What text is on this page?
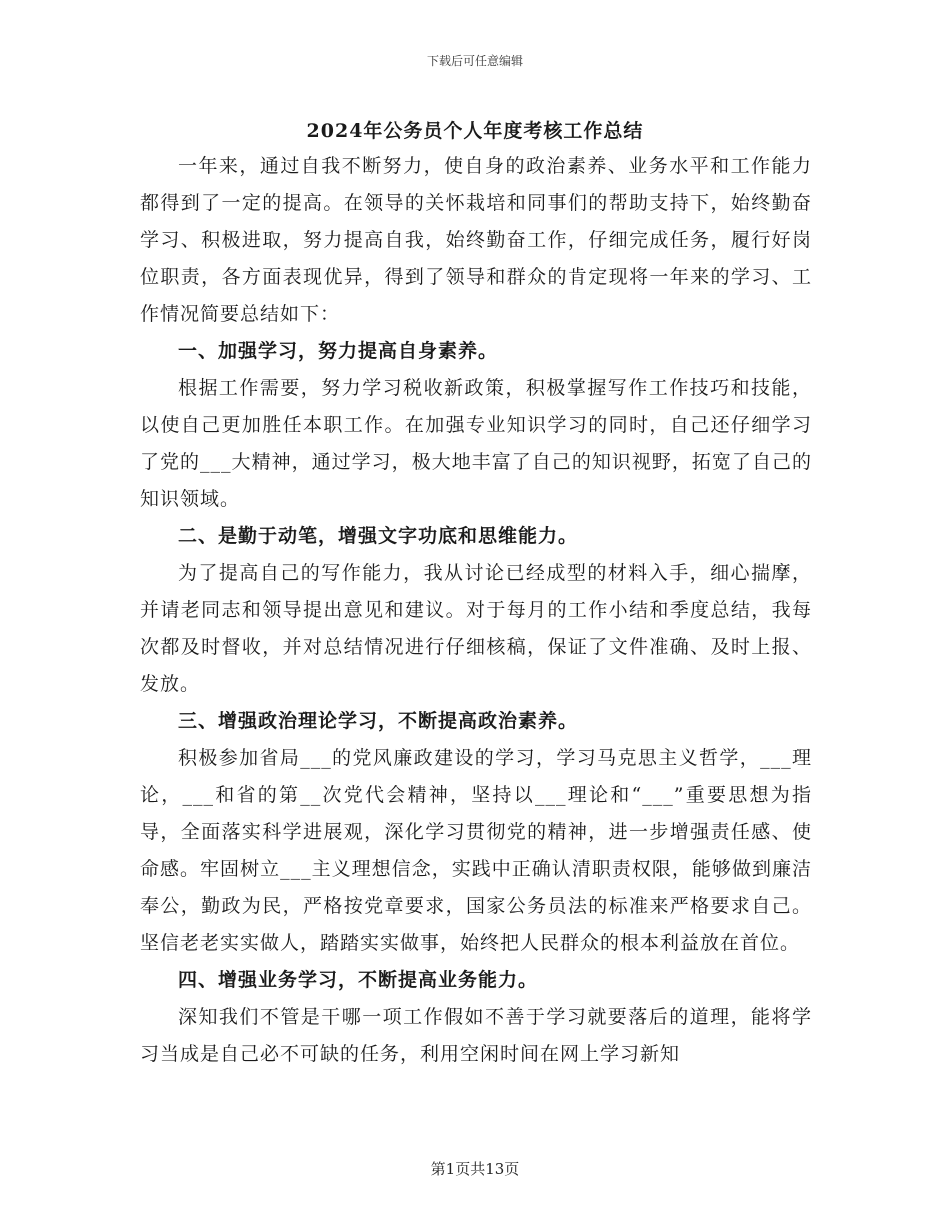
下载后可任意编辑
2024年公务员个人年度考核工作总结

一年来，通过自我不断努力，使自身的政治素养、业务水平和工作能力都得到了一定的提高。在领导的关怀栽培和同事们的帮助支持下，始终勤奋学习、积极进取，努力提高自我，始终勤奋工作，仔细完成任务，履行好岗位职责，各方面表现优异，得到了领导和群众的肯定现将一年来的学习、工作情况简要总结如下：

一、加强学习，努力提高自身素养。

根据工作需要，努力学习税收新政策，积极掌握写作工作技巧和技能，以使自己更加胜任本职工作。在加强专业知识学习的同时，自己还仔细学习了党的___大精神，通过学习，极大地丰富了自己的知识视野，拓宽了自己的知识领域。

二、是勤于动笔，增强文字功底和思维能力。

为了提高自己的写作能力，我从讨论已经成型的材料入手，细心揣摩，并请老同志和领导提出意见和建议。对于每月的工作小结和季度总结，我每次都及时督收，并对总结情况进行仔细核稿，保证了文件准确、及时上报、发放。

三、增强政治理论学习，不断提高政治素养。

积极参加省局___的党风廉政建设的学习，学习马克思主义哲学，___理论，___和省的第__次党代会精神，坚持以___理论和“___”重要思想为指导，全面落实科学进展观，深化学习贯彻党的精神，进一步增强责任感、使命感。牢固树立___主义理想信念，实践中正确认清职责权限，能够做到廉洁奉公，勤政为民，严格按党章要求，国家公务员法的标准来严格要求自己。坚信老老实实做人，踏踏实实做事，始终把人民群众的根本利益放在首位。

四、增强业务学习，不断提高业务能力。

深知我们不管是干哪一项工作假如不善于学习就要落后的道理，能将学习当成是自己必不可缺的任务，利用空闲时间在网上学习新知

第1页共13页
